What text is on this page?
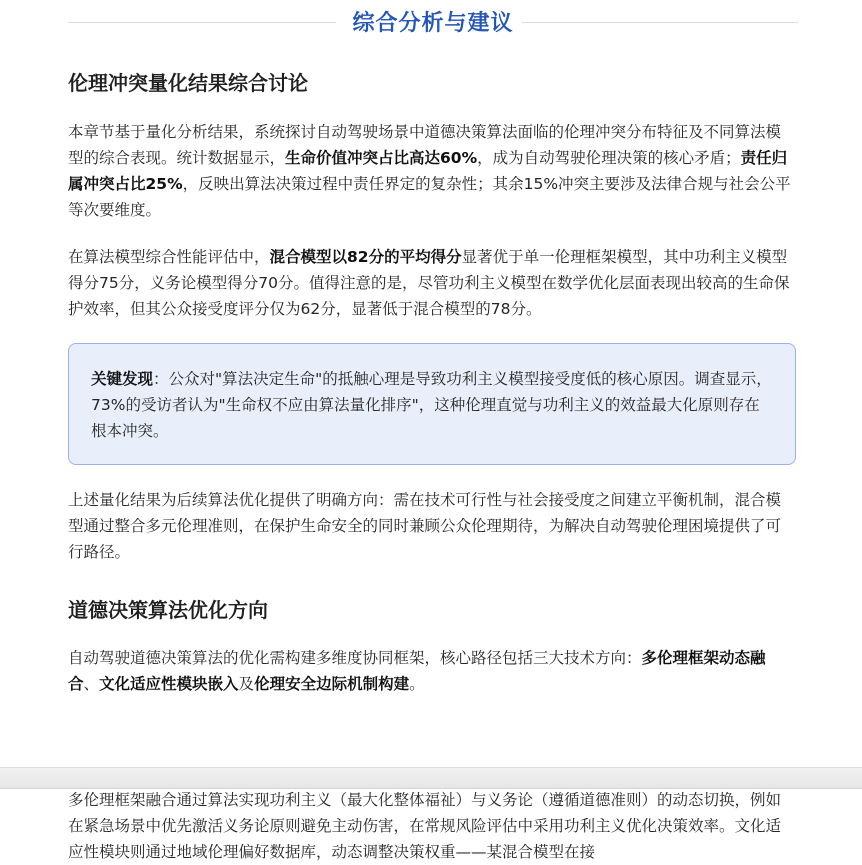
综合分析与建议
伦理冲突量化结果综合讨论

本章节基于量化分析结果，系统探讨自动驾驶场景中道德决策算法面临的伦理冲突分布特征及不同算法模型的综合表现。统计数据显示，生命价值冲突占比高达60%，成为自动驾驶伦理决策的核心矛盾；责任归属冲突占比25%，反映出算法决策过程中责任界定的复杂性；其余15%冲突主要涉及法律合规与社会公平等次要维度。

在算法模型综合性能评估中，混合模型以82分的平均得分显著优于单一伦理框架模型，其中功利主义模型得分75分，义务论模型得分70分。值得注意的是，尽管功利主义模型在数学优化层面表现出较高的生命保护效率，但其公众接受度评分仅为62分，显著低于混合模型的78分。

关键发现：公众对"算法决定生命"的抵触心理是导致功利主义模型接受度低的核心原因。调查显示，73%的受访者认为"生命权不应由算法量化排序"，这种伦理直觉与功利主义的效益最大化原则存在根本冲突。

上述量化结果为后续算法优化提供了明确方向：需在技术可行性与社会接受度之间建立平衡机制，混合模型通过整合多元伦理准则，在保护生命安全的同时兼顾公众伦理期待，为解决自动驾驶伦理困境提供了可行路径。

道德决策算法优化方向

自动驾驶道德决策算法的优化需构建多维度协同框架，核心路径包括三大技术方向：多伦理框架动态融合、文化适应性模块嵌入及伦理安全边际机制构建。

多伦理框架融合通过算法实现功利主义（最大化整体福祉）与义务论（遵循道德准则）的动态切换，例如在紧急场景中优先激活义务论原则避免主动伤害，在常规风险评估中采用功利主义优化决策效率。文化适应性模块则通过地域伦理偏好数据库，动态调整决策权重——某混合模型在接
